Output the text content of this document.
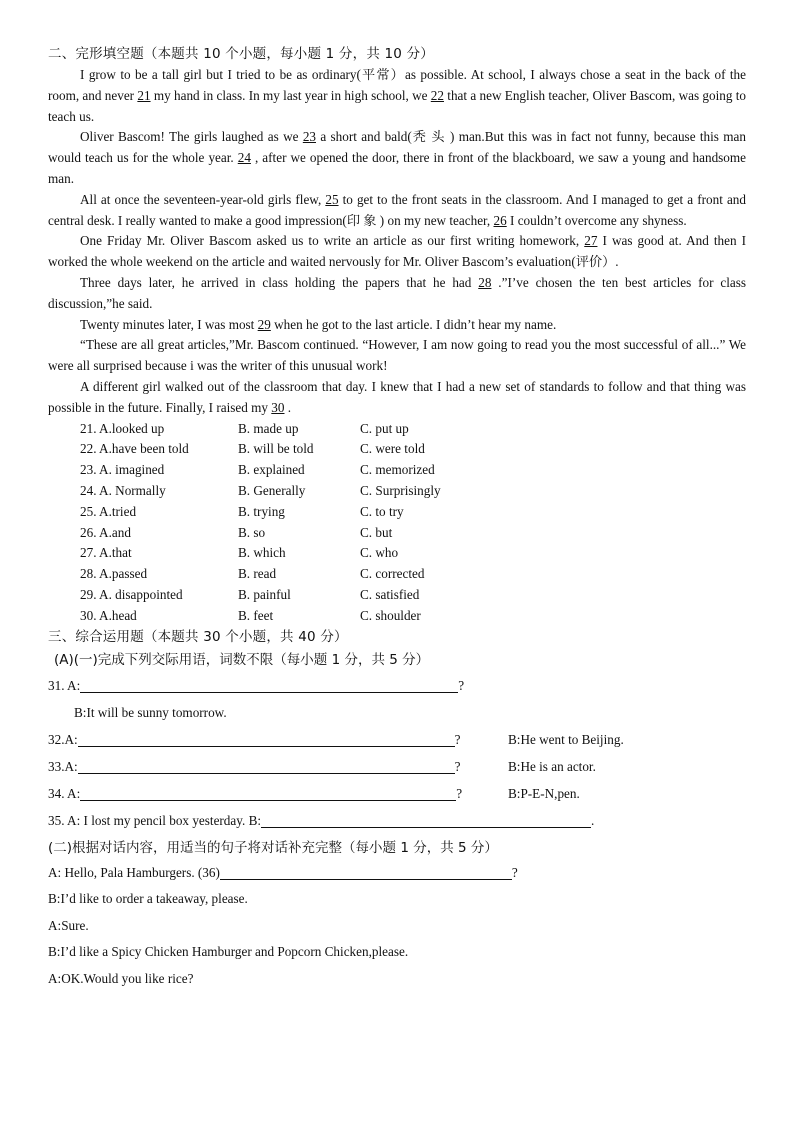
二、完形填空题（本题共 10 个小题，每小题 1 分，共 10 分）

I grow to be a tall girl but I tried to be as ordinary(平常）as possible. At school, I always chose a seat in the back of the room, and never 21 my hand in class. In my last year in high school, we 22 that a new English teacher, Oliver Bascom, was going to teach us.

Oliver Bascom! The girls laughed as we 23 a short and bald(秃 头 ) man.But this was in fact not funny, because this man would teach us for the whole year. 24 , after we opened the door, there in front of the blackboard, we saw a young and handsome man.

All at once the seventeen-year-old girls flew, 25 to get to the front seats in the classroom. And I managed to get a front and central desk. I really wanted to make a good impression(印 象 ) on my new teacher, 26 I couldn’t overcome any shyness.

One Friday Mr. Oliver Bascom asked us to write an article as our first writing homework, 27 I was good at. And then I worked the whole weekend on the article and waited nervously for Mr. Oliver Bascom’s evaluation(评价）.

Three days later, he arrived in class holding the papers that he had 28 .”I’ve chosen the ten best articles for class discussion,”he said.

Twenty minutes later, I was most 29 when he got to the last article. I didn’t hear my name.

“These are all great articles,”Mr. Bascom continued. “However, I am now going to read you the most successful of all...” We were all surprised because i was the writer of this unusual work!

A different girl walked out of the classroom that day. I knew that I had a new set of standards to follow and that thing was possible in the future. Finally, I raised my 30 .

21. A.looked up	B. made up	C. put up
22. A.have been told	B. will be told	C. were told
23. A. imagined	B. explained	C. memorized
24. A. Normally	B. Generally	C. Surprisingly
25. A.tried	B. trying	C. to try
26. A.and	B. so	C. but
27. A.that	B. which	C. who
28. A.passed	B. read	C. corrected
29. A. disappointed	B. painful	C. satisfied
30. A.head	B. feet	C. shoulder
三、综合运用题（本题共 30 个小题，共 40 分）
(A)(一)完成下列交际用语，词数不限（每小题 1 分，共 5 分）
31. A:	?
B:It will be sunny tomorrow.
32.A:	?	B:He went to Beijing.
33.A:	?	B:He is an actor.
34. A:	?	B:P-E-N,pen.
35. A: I lost my pencil box yesterday. B:	.
(二)根据对话内容，用适当的句子将对话补充完整（每小题 1 分，共 5 分）
A: Hello, Pala Hamburgers. (36)	?
B:I’d like to order a takeaway, please.
A:Sure.
B:I’d like a Spicy Chicken Hamburger and Popcorn Chicken,please.
A:OK.Would you like rice?
